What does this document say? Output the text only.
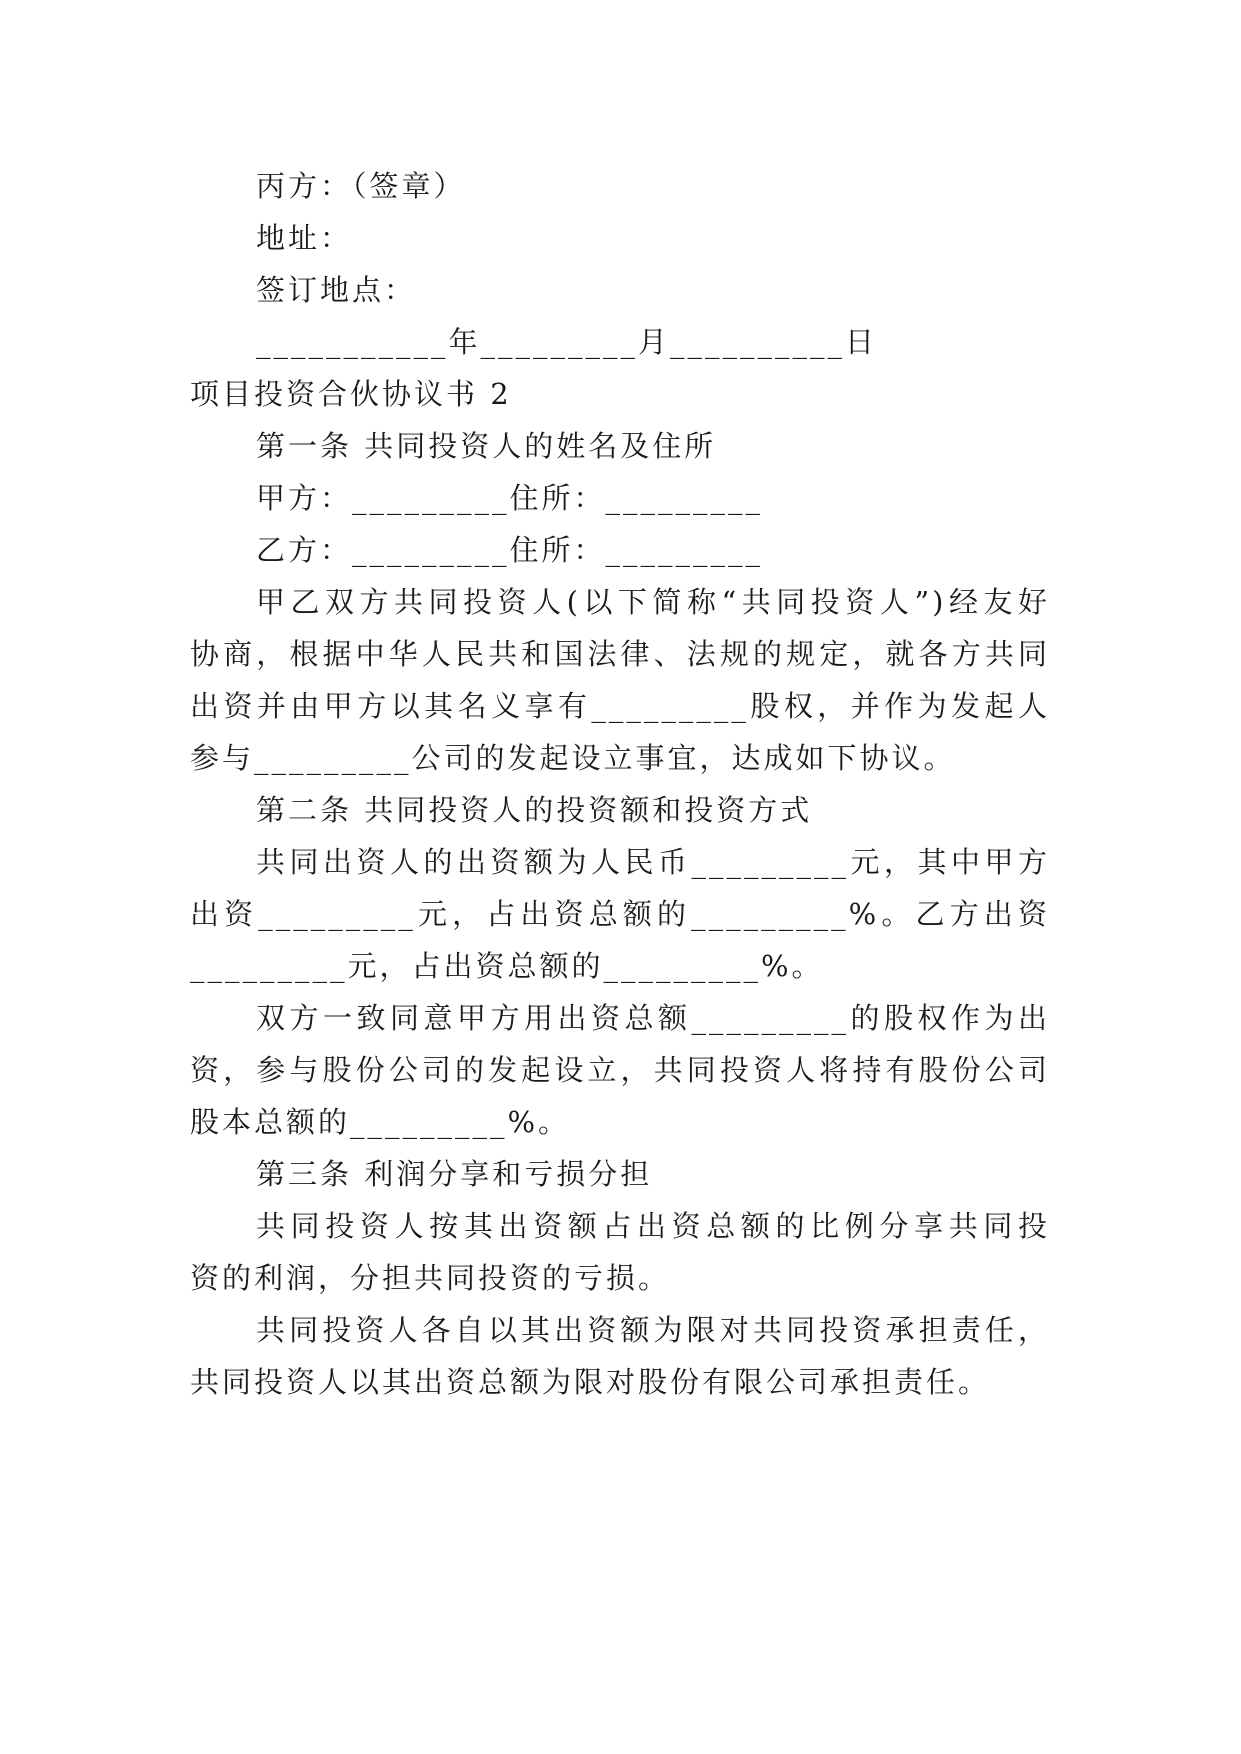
丙方：（签章）
地址：
签订地点：
___________年_________月__________日
项目投资合伙协议书 2
第一条 共同投资人的姓名及住所
甲方：_________住所：_________
乙方：_________住所：_________
甲乙双方共同投资人(以下简称“共同投资人”)经友好
协商，根据中华人民共和国法律、法规的规定，就各方共同
出资并由甲方以其名义享有_________股权，并作为发起人
参与_________公司的发起设立事宜，达成如下协议。
第二条 共同投资人的投资额和投资方式
共同出资人的出资额为人民币_________元，其中甲方
出资_________元，占出资总额的_________%。乙方出资
_________元，占出资总额的_________%。
双方一致同意甲方用出资总额_________的股权作为出
资，参与股份公司的发起设立，共同投资人将持有股份公司
股本总额的_________%。
第三条 利润分享和亏损分担
共同投资人按其出资额占出资总额的比例分享共同投
资的利润，分担共同投资的亏损。
共同投资人各自以其出资额为限对共同投资承担责任，
共同投资人以其出资总额为限对股份有限公司承担责任。
